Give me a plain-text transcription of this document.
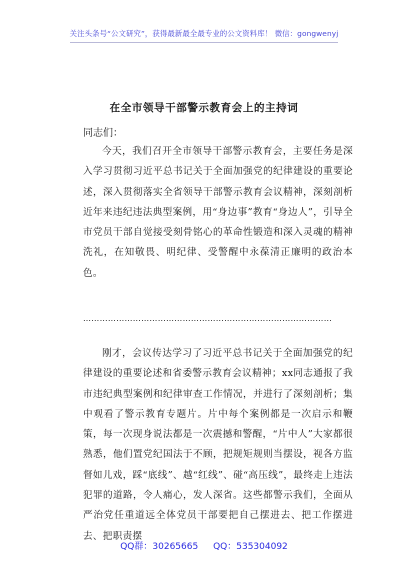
关注头条号“公文研究”，获得最新最全最专业的公文资料库！ 微信：gongwenyj
在全市领导干部警示教育会上的主持词
同志们：

今天，我们召开全市领导干部警示教育会，主要任务是深入学习贯彻习近平总书记关于全面加强党的纪律建设的重要论述，深入贯彻落实全省领导干部警示教育会议精神，深刻剖析近年来违纪违法典型案例，用“身边事”教育“身边人”，引导全市党员干部自觉接受刻骨铭心的革命性锻造和深入灵魂的精神洗礼，在知敬畏、明纪律、受警醒中永葆清正廉明的政治本色。

………………………………………………………………………………

刚才，会议传达学习了习近平总书记关于全面加强党的纪律建设的重要论述和省委警示教育会议精神；xx同志通报了我市违纪典型案例和纪律审查工作情况，并进行了深刻剖析；集中观看了警示教育专题片。片中每个案例都是一次启示和鞭策，每一次现身说法都是一次震撼和警醒，“片中人”大家都很熟悉，他们置党纪国法于不顾，把规矩规则当摆设，视各方监督如儿戏，踩“底线”、越“红线”、碰“高压线”，最终走上违法犯罪的道路，令人痛心，发人深省。这些都警示我们，全面从严治党任重道远全体党员干部要把自己摆进去、把工作摆进去、把职责摆

QQ群：30265665 QQ：535304092
